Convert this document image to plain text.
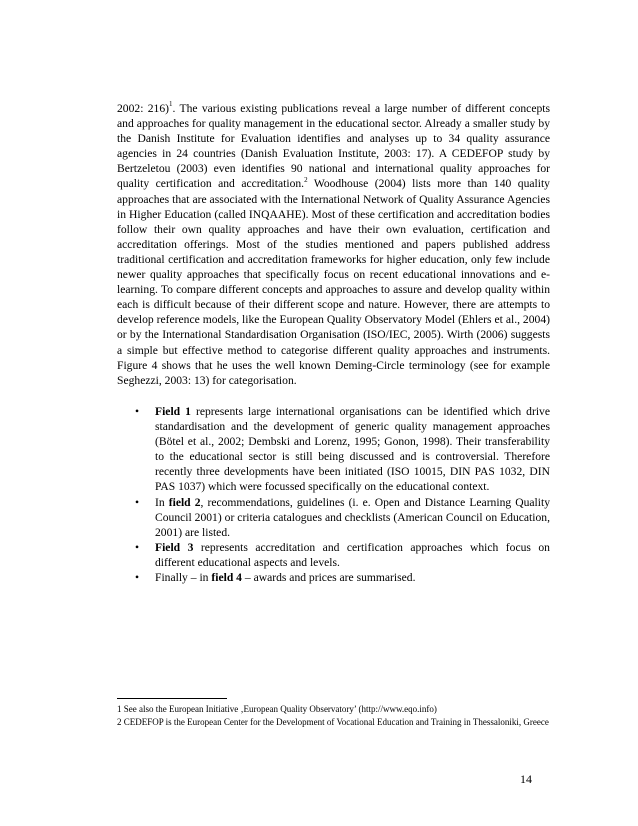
2002: 216)$^1$. The various existing publications reveal a large number of different concepts and approaches for quality management in the educational sector. Already a smaller study by the Danish Institute for Evaluation identifies and analyses up to 34 quality assurance agencies in 24 countries (Danish Evaluation Institute, 2003: 17). A CEDEFOP study by Bertzeletou (2003) even identifies 90 national and international quality approaches for quality certification and accreditation.$^2$ Woodhouse (2004) lists more than 140 quality approaches that are associated with the International Network of Quality Assurance Agencies in Higher Education (called INQAAHE). Most of these certification and accreditation bodies follow their own quality approaches and have their own evaluation, certification and accreditation offerings. Most of the studies mentioned and papers published address traditional certification and accreditation frameworks for higher education, only few include newer quality approaches that specifically focus on recent educational innovations and e-learning. To compare different concepts and approaches to assure and develop quality within each is difficult because of their different scope and nature. However, there are attempts to develop reference models, like the European Quality Observatory Model (Ehlers et al., 2004) or by the International Standardisation Organisation (ISO/IEC, 2005). Wirth (2006) suggests a simple but effective method to categorise different quality approaches and instruments. Figure 4 shows that he uses the well known Deming-Circle terminology (see for example Seghezzi, 2003: 13) for categorisation.

• Field 1 represents large international organisations can be identified which drive standardisation and the development of generic quality management approaches (Bötel et al., 2002; Dembski and Lorenz, 1995; Gonon, 1998). Their transferability to the educational sector is still being discussed and is controversial. Therefore recently three developments have been initiated (ISO 10015, DIN PAS 1032, DIN PAS 1037) which were focussed specifically on the educational context.
• In field 2, recommendations, guidelines (i. e. Open and Distance Learning Quality Council 2001) or criteria catalogues and checklists (American Council on Education, 2001) are listed.
• Field 3 represents accreditation and certification approaches which focus on different educational aspects and levels.
• Finally – in field 4 – awards and prices are summarised.

1 See also the European Initiative ‚European Quality Observatory’ (http://www.eqo.info)

2 CEDEFOP is the European Center for the Development of Vocational Education and Training in Thessaloniki, Greece

14
